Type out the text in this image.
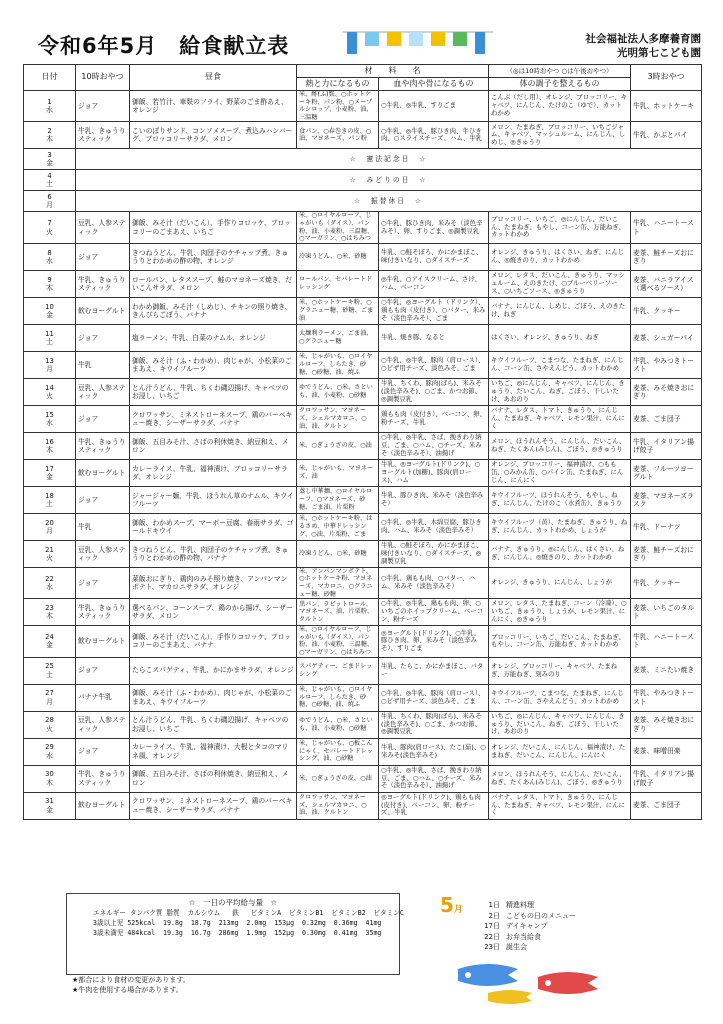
令和6年5月　給食献立表	社会福祉法人多摩養育園
光明第七こども園
日付	10時おやつ	昼食	材　　料　　名		（◎は10時おやつ ○は午後おやつ）	3時おやつ
			熱と力になるもの	血や肉や骨になるもの	体の調子を整えるもの	

1
水	ジョア	御飯、若竹汁、車麩のフライ、野菜のごま酢あえ、オレンジ	米、酢(ふ)麩、○ホットケーキ粉、パン粉、○メープルシロップ、小麦粉、油、三温糖	○牛乳、◎牛乳、すりごま	こんぶ（だし用）、オレンジ、ブロッコリー、キャベツ、にんじん、たけのこ（ゆで）、カットわかめ	牛乳、ホットケーキ

2
木	牛乳、きゅうりスティック	こいのぼりサンド、コンソメスープ、煮込みハンバーグ、ブロッコリーサラダ、メロン	食パン、○春巻きの皮、○油、マヨネーズ、パン粉	○牛乳、◎牛乳、豚ひき肉、牛ひき肉、○スライスチーズ、ハム、牛乳	メロン、たまねぎ、ブロッコリー、いちごジャム、キャベツ、マッシュルーム、にんじん、しめじ、◎きゅうり	牛乳、かぶとパイ

3
金	☆　憲法記念日　☆					

4
土	☆　みどりの日　☆					

6
月	☆　振替休日　☆					

7
火	豆乳、人参スティック	御飯、みそ汁（だいこん）、手作りコロッケ、ブロッコリーのごまあえ、いちご	米、○ロイヤルローフ、じゃがいも（ダイス）、パン粉、油、小麦粉、三温糖、○マーガリン、○はちみつ	○牛乳、豚ひき肉、米みそ（淡色辛みそ）、卵、すりごま、◎調製豆乳	ブロッコリー、いちご、◎にんじん、だいこん、たまねぎ、もやし、コーン缶、万能ねぎ、カットわかめ	牛乳、ハニートースト

8
水	ジョア	きつねうどん、牛乳、肉団子のケチャップ煮、きゅうりとわかめの酢の物、オレンジ	冷凍うどん、○米、砂糖	牛乳、○鮭そぼろ、かにかまぼこ、味付きいなり、○ダイスチーズ	オレンジ、きゅうり、はくさい、ねぎ、にんじん、◎焼きのり、カットわかめ	麦茶、鮭チーズおにぎり

9
木	牛乳、きゅうりスティック	ロールパン、レタススープ、鮭のマヨネーズ焼き、だいこんサラダ、メロン	ロールパン、セパレートドレッシング	◎牛乳、○アイスクリーム、さけ、ハム、ベーコン	メロン、レタス、だいこん、きゅうり、マッシュルーム、えのきたけ、○ブルーベリーソース、○いちごソース、◎きゅうり	麦茶、バニラアイス（選べるソース）

10
金	飲むヨーグルト	わかめ御飯、みそ汁（しめじ）、チキンの照り焼き、きんぴらごぼう、バナナ	米、○ホットケーキ粉、○グラニュー糖、砂糖、ごま油	○牛乳、◎ヨーグルト（ドリンク）、鶏もも肉（皮付き）、○バター、米みそ（淡色辛みそ）、ごま	バナナ、にんじん、しめじ、ごぼう、えのきたけ、ねぎ	牛乳、クッキー

11
土	ジョア	塩ラーメン、牛乳、白菜のナムル、オレンジ	太麺利ラーメン、ごま油、○グラニュー糖	牛乳、焼き豚、なると	はくさい、オレンジ、きゅうり、ねぎ	麦茶、シュガーパイ

13
月	牛乳	御飯、みそ汁（ふ・わかめ）、肉じゃが、小松菜のごまあえ、キウイフルーツ	米、じゃがいも、○ロイヤルローフ、しらたき、砂糖、○砂糖、油、焼ふ	○牛乳、◎牛乳、豚肉（肩ロース）、○ピザ用チーズ、淡色みそ、ごま	キウイフルーツ、こまつな、たまねぎ、にんじん、コーン缶、さやえんどう、カットわかめ	牛乳、やみつきトースト

14
火	豆乳、人参スティック	とん汁うどん、牛乳、ちくわ磯辺揚げ、キャベツのお浸し、いちご	ゆでうどん、○米、さといも、油、小麦粉、○砂糖	牛乳、ちくわ、豚肉(ばら)、米みそ(淡色辛みそ)、○ごま、かつお節、◎調製豆乳	いちご、◎にんじん、キャベツ、にんじん、きゅうり、だいこん、ねぎ、ごぼう、干しいたけ、あおのり	麦茶、みそ焼きおにぎり

15
水	ジョア	クロワッサン、ミネストローネスープ、鶏のバーベキュー焼き、シーザーサラダ、バナナ	クロワッサン、マヨネーズ、シェルマカロニ、○油、油、クルトン	鶏もも肉（皮付き）、ベーコン、卵、粉チーズ、牛乳	バナナ、レタス、トマト、きゅうり、にんじん、たまねぎ、キャベツ、レモン果汁、にんにく	麦茶、ごま団子

16
木	牛乳、きゅうりスティック	御飯、五目みそ汁、さばの利休焼き、納豆和え、メロン	米、○ぎょうざの皮、○油	○牛乳、◎牛乳、さば、挽きわり納豆、ごま、○ハム、○チーズ、米みそ（淡色辛みそ）、油揚げ	メロン、ほうれんそう、にんじん、だいこん、ねぎ、たくあん(みじん)、ごぼう、◎きゅうり	牛乳、イタリアン揚げ餃子

17
金	飲むヨーグルト	カレーライス、牛乳、福神漬け、ブロッコリーサラダ、オレンジ	米、じゃがいも、マヨネーズ、油	牛乳、◎ヨーグルト(ドリンク)、○ヨーグルト(加糖)、豚肉(肩ロース)、ハム	オレンジ、ブロッコリー、福神漬け、○もも缶、○みかん缶、○パイン缶、たまねぎ、にんじん、にんにく	麦茶、フルーツヨーグルト

18
土	ジョア	ジャージャー麺、牛乳、ほうれん草のナムル、キウイフルーツ	蒸し中華麺、○ロイヤルローフ、○マヨネーズ、砂糖、ごま油、片栗粉	牛乳、豚ひき肉、米みそ（淡色辛みそ）	キウイフルーツ、ほうれんそう、もやし、ねぎ、にんじん、たけのこ（水煮缶）、きゅうり	麦茶、マヨネーズラスク

20
月	牛乳	御飯、わかめスープ、マーボー豆腐、春雨サラダ、ゴールドキウイ	米、○ホットケーキ粉、はるさめ、中華ドレッシング、○油、片栗粉、ごま	○牛乳、◎牛乳、木綿豆腐、豚ひき肉、ハム、米みそ（淡色辛みそ）	キウイフルーツ（黄）、たまねぎ、きゅうり、ねぎ、にんじん、カットわかめ、しょうが	牛乳、ドーナツ

21
火	豆乳、人参スティック	きつねうどん、牛乳、肉団子のケチャップ煮、きゅうりとわかめの酢の物、バナナ	冷凍うどん、○米、砂糖	牛乳、○鮭そぼろ、かにかまぼこ、味付きいなり、○ダイスチーズ、◎調製豆乳	バナナ、きゅうり、◎にんじん、はくさい、ねぎ、にんじん、◎焼きのり、カットわかめ	麦茶、鮭チーズおにぎり

22
水	ジョア	菜飯おにぎり、鶏肉のみそ照り焼き、アンパンマンポテト、マカロニサラダ、オレンジ	米、アンパンマンポテト、○ホットケーキ粉、マヨネーズ、マカロニ、○グラニュー糖、砂糖	○牛乳、鶏もも肉、○バター、ハム、米みそ（淡色辛みそ）	オレンジ、きゅうり、にんじん、しょうが	牛乳、クッキー

23
木	牛乳、きゅうりスティック	選べるパン、コーンスープ、鶏のから揚げ、シーザーサラダ、メロン	黒パン、ラピットロール、マヨネーズ、油、片栗粉、クルトン	○牛乳、◎牛乳、鶏もも肉、卵、○いちごのホイップクリーム、ベーコン、粉チーズ	メロン、レタス、たまねぎ、コーン（冷凍）、○いちご、きゅうり、しょうが、レモン果汁、にんにく、◎きゅうり	麦茶、いちごのタルト

24
金	飲むヨーグルト	御飯、みそ汁（だいこん）、手作りコロッケ、ブロッコリーのごまあえ、バナナ	米、○ロイヤルローフ、じゃがいも（ダイス）、パン粉、油、小麦粉、三温糖、○マーガリン、○はちみつ	◎ヨーグルト(ドリンク)、○牛乳、豚ひき肉、卵、米みそ（淡色辛みそ）、すりごま	ブロッコリー、いちご、だいこん、たまねぎ、もやし、コーン缶、万能ねぎ、カットわかめ	牛乳、ハニートースト

25
土	ジョア	たらこスパゲティ、牛乳、かにかまサラダ、オレンジ	スパゲティー、ごまドレッシング	牛乳、たらこ、かにかまぼこ、バター	オレンジ、ブロッコリー、キャベツ、たまねぎ、万能ねぎ、刻みのり	麦茶、ミニたい焼き

27
月	バナナ牛乳	御飯、みそ汁（ふ・わかめ）、肉じゃが、小松菜のごまあえ、キウイフルーツ	米、じゃがいも、○ロイヤルローフ、しらたき、砂糖、○砂糖、油、焼ふ	○牛乳、◎牛乳、豚肉（肩ロース）、○ピザ用チーズ、淡色みそ、ごま	キウイフルーツ、こまつな、たまねぎ、にんじん、コーン缶、さやえんどう、カットわかめ	牛乳、やみつきトースト

28
火	豆乳、人参スティック	とん汁うどん、牛乳、ちくわ磯辺揚げ、キャベツのお浸し、いちご	ゆでうどん、○米、さといも、油、小麦粉、○砂糖	牛乳、ちくわ、豚肉(ばら)、米みそ(淡色辛みそ)、○ごま、かつお節、◎調製豆乳	いちご、◎にんじん、キャベツ、にんじん、きゅうり、だいこん、ねぎ、ごぼう、干しいたけ、あおのり	麦茶、みそ焼きおにぎり

29
水	ジョア	カレーライス、牛乳、福神漬け、大根とタコのマリネ風、オレンジ	米、じゃがいも、○板こんにゃく、セパレートドレッシング、油、○砂糖	牛乳、豚肉(肩ロース)、たこ(茹)、○米みそ(淡色辛みそ)	オレンジ、だいこん、にんじん、福神漬け、たまねぎ、だいこん、にんじん、にんにく	麦茶、味噌田楽

30
木	牛乳、きゅうりスティック	御飯、五目みそ汁、さばの利休焼き、納豆和え、メロン	米、○ぎょうざの皮、○油	○牛乳、◎牛乳、さば、挽きわり納豆、ごま、○ハム、○チーズ、米みそ（淡色辛みそ）、油揚げ	メロン、ほうれんそう、にんじん、だいこん、ねぎ、たくあん(みじん)、ごぼう、◎きゅうり	牛乳、イタリアン揚げ餃子

31
金	飲むヨーグルト	クロワッサン、ミネストローネスープ、鶏のバーベキュー焼き、シーザーサラダ、バナナ	クロワッサン、マヨネーズ、シェルマカロニ、○油、油、クルトン	◎ヨーグルト(ドリンク)、鶏もも肉(皮付き)、ベーコン、卵、粉チーズ、牛乳	バナナ、レタス、トマト、きゅうり、にんじん、たまねぎ、キャベツ、レモン果汁、にんにく	麦茶、ごま団子
☆　一日の平均給与量　☆
エネルギー タンパク質 脂質  カルシウム   鉄   ビタミンA  ビタミンB1  ビタミンB2  ビタミンC
3歳以上児 525kcal  19.8g  18.7g  213mg  2.0mg  153μg  0.32mg  0.36mg  41mg
3歳未満児 484kcal  19.3g  16.7g  286mg  1.9mg  152μg  0.30mg  0.41mg  35mg
★都合により食材の変更があります。
★牛肉を使用する場合があります。
5月	1日 精進料理
2日 こどもの日のメニュー
17日 デイキャンプ
22日 お弁当給食
23日 誕生会
